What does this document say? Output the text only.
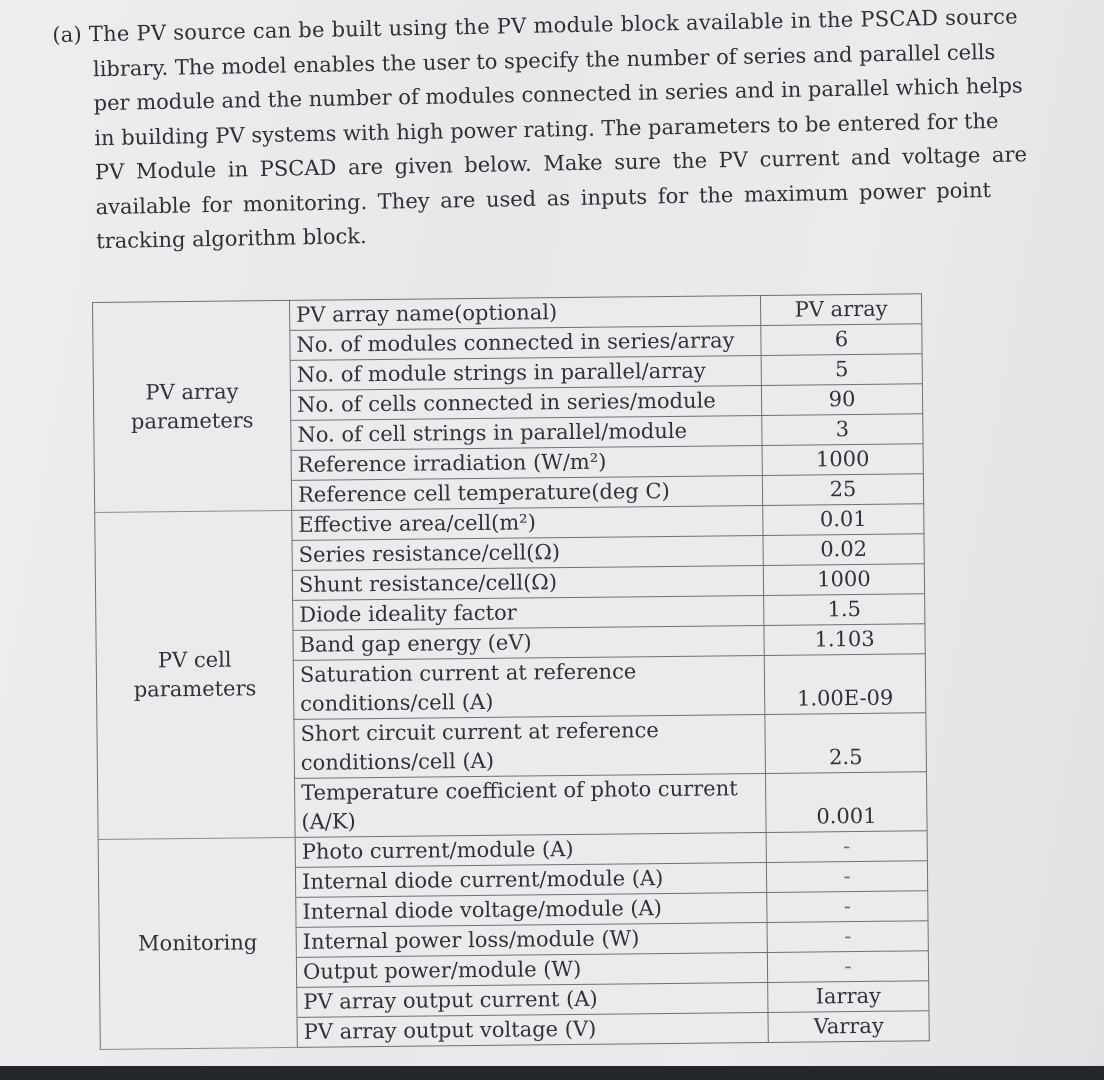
(a) The PV source can be built using the PV module block available in the PSCAD source
library. The model enables the user to specify the number of series and parallel cells
per module and the number of modules connected in series and in parallel which helps
in building PV systems with high power rating. The parameters to be entered for the
PV Module in PSCAD are given below. Make sure the PV current and voltage are
available for monitoring. They are used as inputs for the maximum power point
tracking algorithm block.
PV array parameters	PV array name(optional)	PV array
	No. of modules connected in series/array	6
	No. of module strings in parallel/array	5
	No. of cells connected in series/module	90
	No. of cell strings in parallel/module	3
	Reference irradiation (W/m²)	1000
	Reference cell temperature(deg C)	25
PV cell parameters	Effective area/cell(m²)	0.01
	Series resistance/cell(Ω)	0.02
	Shunt resistance/cell(Ω)	1000
	Diode ideality factor	1.5
	Band gap energy (eV)	1.103
	Saturation current at reference conditions/cell (A)	1.00E-09
	Short circuit current at reference conditions/cell (A)	2.5
	Temperature coefficient of photo current (A/K)	0.001
Monitoring	Photo current/module (A)	-
	Internal diode current/module (A)	-
	Internal diode voltage/module (A)	-
	Internal power loss/module (W)	-
	Output power/module (W)	-
	PV array output current (A)	Iarray
	PV array output voltage (V)	Varray
